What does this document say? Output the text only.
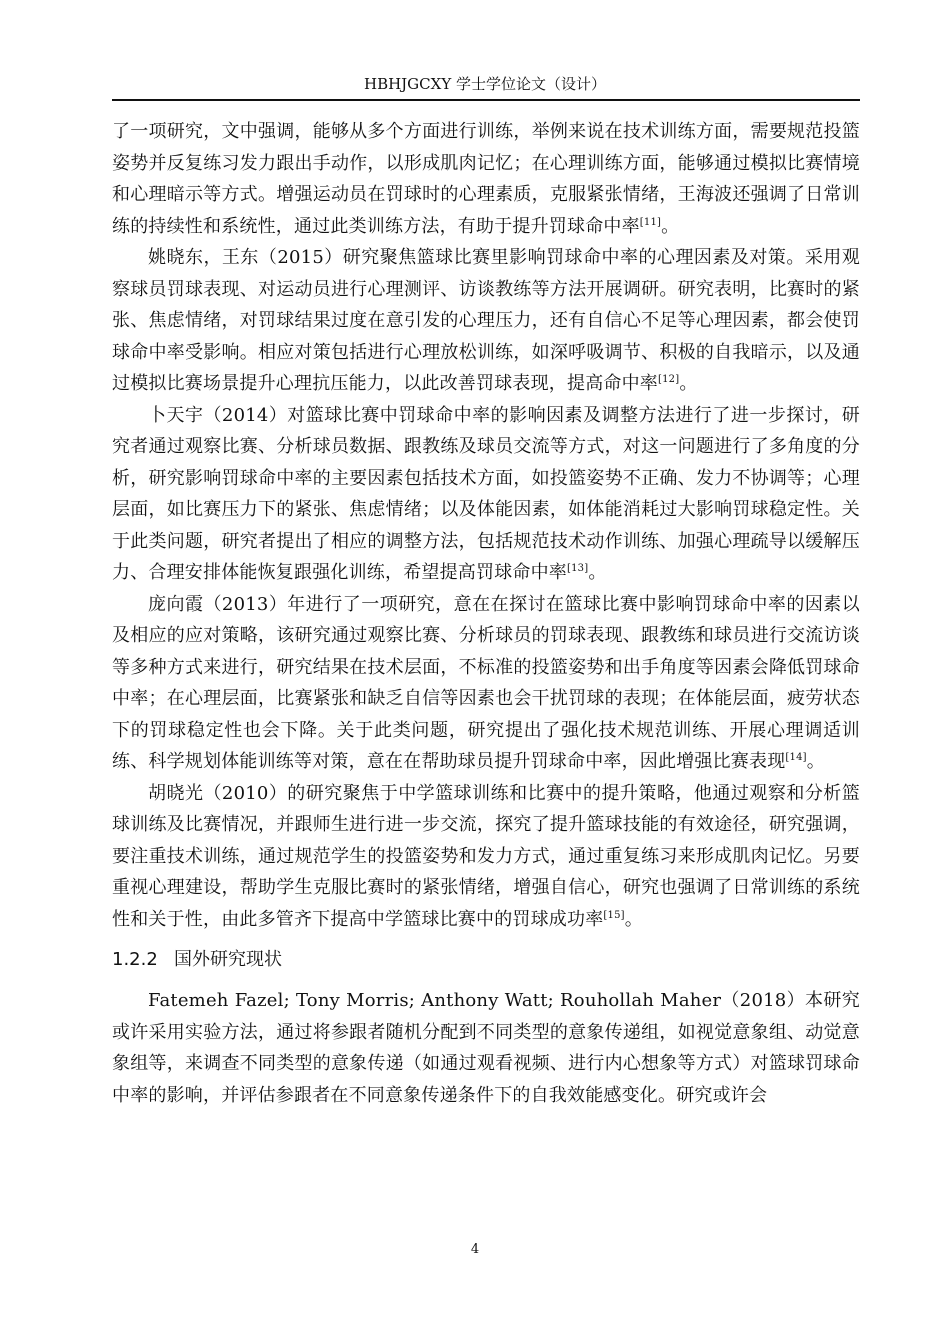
HBHJGCXY 学士学位论文（设计）

了一项研究，文中强调，能够从多个方面进行训练，举例来说在技术训练方面，需要规范投篮姿势并反复练习发力跟出手动作，以形成肌肉记忆；在心理训练方面，能够通过模拟比赛情境和心理暗示等方式。增强运动员在罚球时的心理素质，克服紧张情绪，王海波还强调了日常训练的持续性和系统性，通过此类训练方法，有助于提升罚球命中率[11]。

姚晓东，王东（2015）研究聚焦篮球比赛里影响罚球命中率的心理因素及对策。采用观察球员罚球表现、对运动员进行心理测评、访谈教练等方法开展调研。研究表明，比赛时的紧张、焦虑情绪，对罚球结果过度在意引发的心理压力，还有自信心不足等心理因素，都会使罚球命中率受影响。相应对策包括进行心理放松训练，如深呼吸调节、积极的自我暗示，以及通过模拟比赛场景提升心理抗压能力，以此改善罚球表现，提高命中率[12]。

卜天宇（2014）对篮球比赛中罚球命中率的影响因素及调整方法进行了进一步探讨，研究者通过观察比赛、分析球员数据、跟教练及球员交流等方式，对这一问题进行了多角度的分析，研究影响罚球命中率的主要因素包括技术方面，如投篮姿势不正确、发力不协调等；心理层面，如比赛压力下的紧张、焦虑情绪；以及体能因素，如体能消耗过大影响罚球稳定性。关于此类问题，研究者提出了相应的调整方法，包括规范技术动作训练、加强心理疏导以缓解压力、合理安排体能恢复跟强化训练，希望提高罚球命中率[13]。

庞向霞（2013）年进行了一项研究，意在在探讨在篮球比赛中影响罚球命中率的因素以及相应的应对策略，该研究通过观察比赛、分析球员的罚球表现、跟教练和球员进行交流访谈等多种方式来进行，研究结果在技术层面，不标准的投篮姿势和出手角度等因素会降低罚球命中率；在心理层面，比赛紧张和缺乏自信等因素也会干扰罚球的表现；在体能层面，疲劳状态下的罚球稳定性也会下降。关于此类问题，研究提出了强化技术规范训练、开展心理调适训练、科学规划体能训练等对策，意在在帮助球员提升罚球命中率，因此增强比赛表现[14]。

胡晓光（2010）的研究聚焦于中学篮球训练和比赛中的提升策略，他通过观察和分析篮球训练及比赛情况，并跟师生进行进一步交流，探究了提升篮球技能的有效途径，研究强调，要注重技术训练，通过规范学生的投篮姿势和发力方式，通过重复练习来形成肌肉记忆。另要重视心理建设，帮助学生克服比赛时的紧张情绪，增强自信心，研究也强调了日常训练的系统性和关于性，由此多管齐下提高中学篮球比赛中的罚球成功率[15]。

1.2.2 国外研究现状

Fatemeh Fazel; Tony Morris; Anthony Watt; Rouhollah Maher（2018）本研究或许采用实验方法，通过将参跟者随机分配到不同类型的意象传递组，如视觉意象组、动觉意象组等，来调查不同类型的意象传递（如通过观看视频、进行内心想象等方式）对篮球罚球命中率的影响，并评估参跟者在不同意象传递条件下的自我效能感变化。研究或许会

4
